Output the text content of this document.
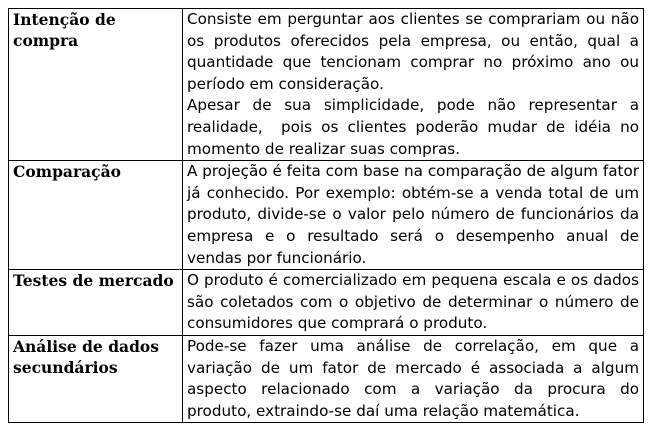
Intenção de compra	Consiste em perguntar aos clientes se comprariam ou não os produtos oferecidos pela empresa, ou então, qual a quantidade que tencionam comprar no próximo ano ou período em consideração.

Apesar de sua simplicidade, pode não representar a realidade,  pois os clientes poderão mudar de idéia no momento de realizar suas compras.

Comparação	A projeção é feita com base na comparação de algum fator já conhecido. Por exemplo: obtém-se a venda total de um produto, divide-se o valor pelo número de funcionários da empresa e o resultado será o desempenho anual de vendas por funcionário.

Testes de mercado	O produto é comercializado em pequena escala e os dados são coletados com o objetivo de determinar o número de consumidores que comprará o produto.

Análise de dados secundários	Pode-se fazer uma análise de correlação, em que a variação de um fator de mercado é associada a algum aspecto relacionado com a variação da procura do produto, extraindo-se daí uma relação matemática.
